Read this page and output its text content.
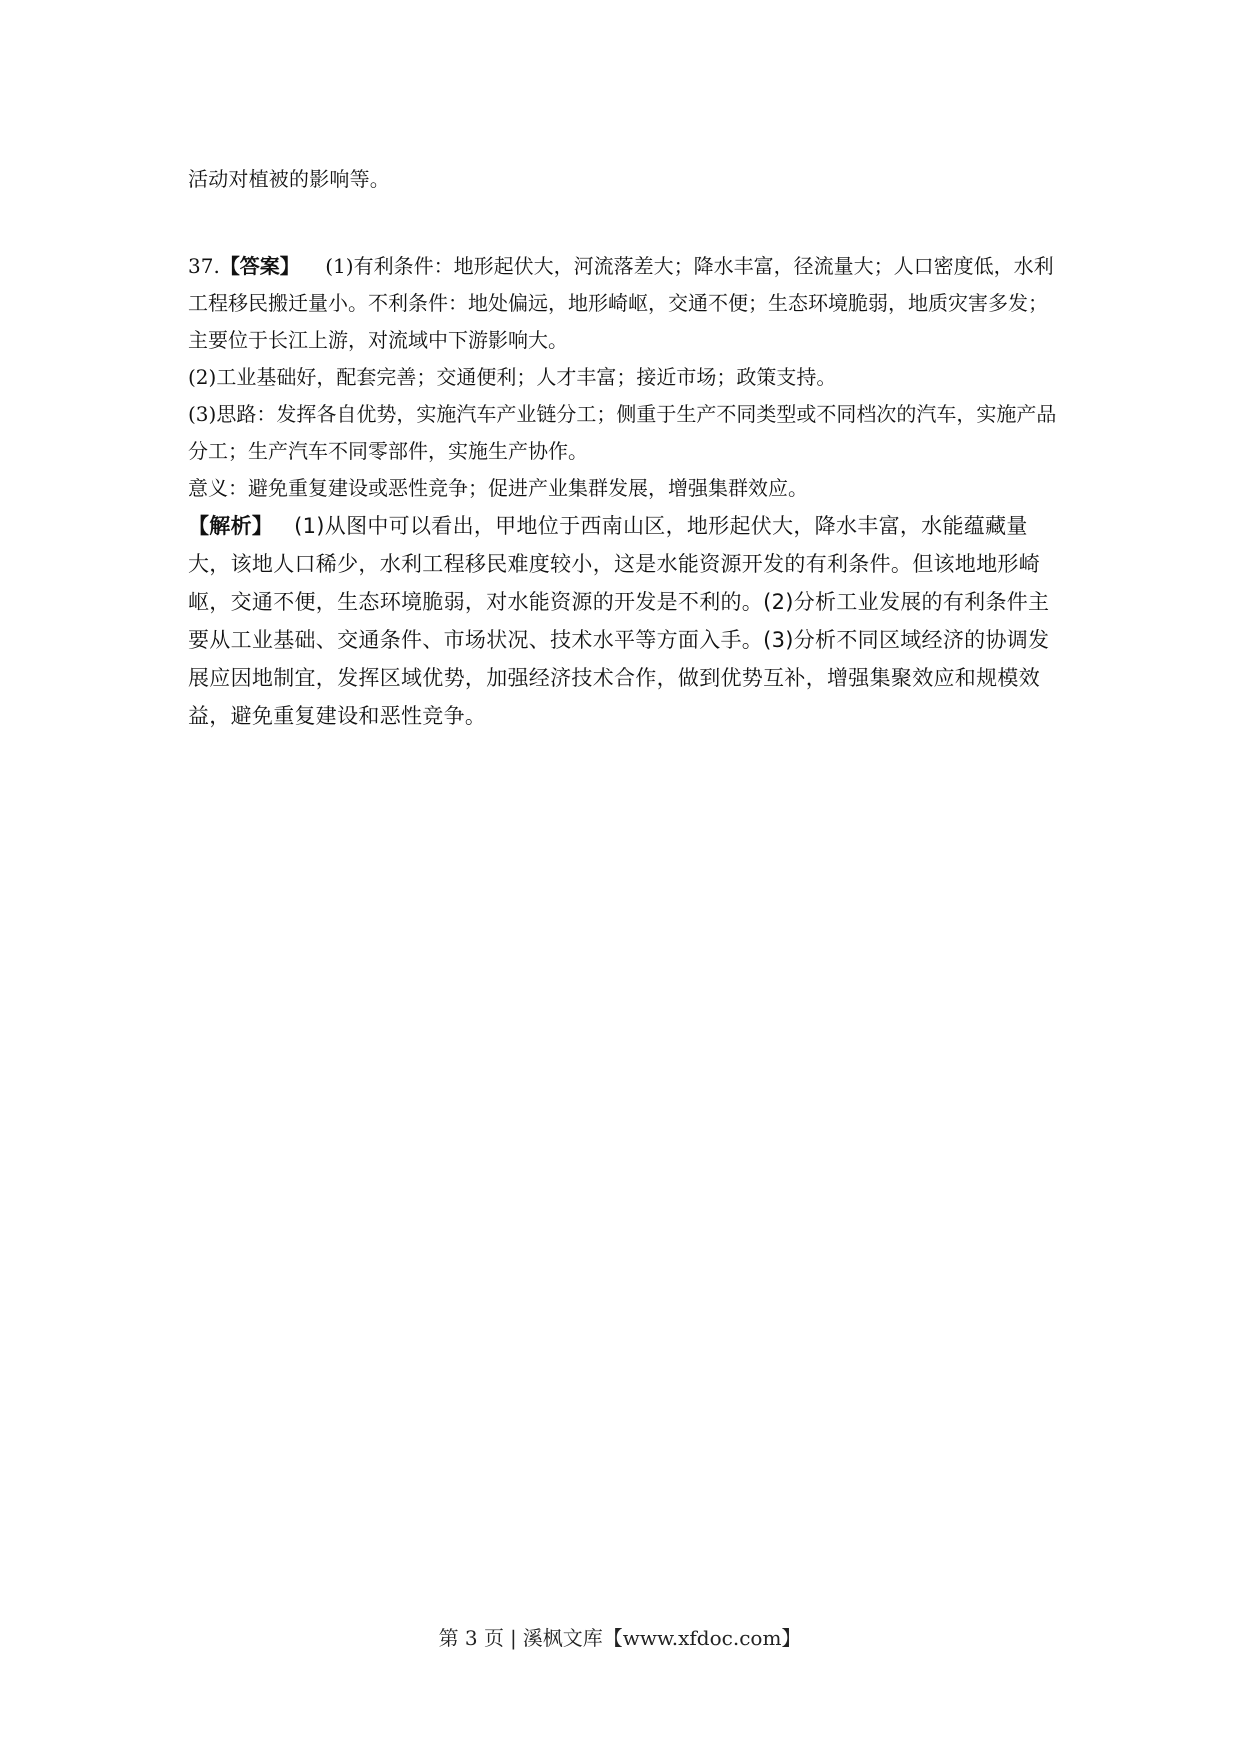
活动对植被的影响等。

37.【答案】 (1)有利条件：地形起伏大，河流落差大；降水丰富，径流量大；人口密度低，水利工程移民搬迁量小。不利条件：地处偏远，地形崎岖，交通不便；生态环境脆弱，地质灾害多发；主要位于长江上游，对流域中下游影响大。

(2)工业基础好，配套完善；交通便利；人才丰富；接近市场；政策支持。

(3)思路：发挥各自优势，实施汽车产业链分工；侧重于生产不同类型或不同档次的汽车，实施产品分工；生产汽车不同零部件，实施生产协作。

意义：避免重复建设或恶性竞争；促进产业集群发展，增强集群效应。

【解析】 (1)从图中可以看出，甲地位于西南山区，地形起伏大，降水丰富，水能蕴藏量大，该地人口稀少，水利工程移民难度较小，这是水能资源开发的有利条件。但该地地形崎岖，交通不便，生态环境脆弱，对水能资源的开发是不利的。(2)分析工业发展的有利条件主要从工业基础、交通条件、市场状况、技术水平等方面入手。(3)分析不同区域经济的协调发展应因地制宜，发挥区域优势，加强经济技术合作，做到优势互补，增强集聚效应和规模效益，避免重复建设和恶性竞争。

第 3 页 | 溪枫文库【www.xfdoc.com】
